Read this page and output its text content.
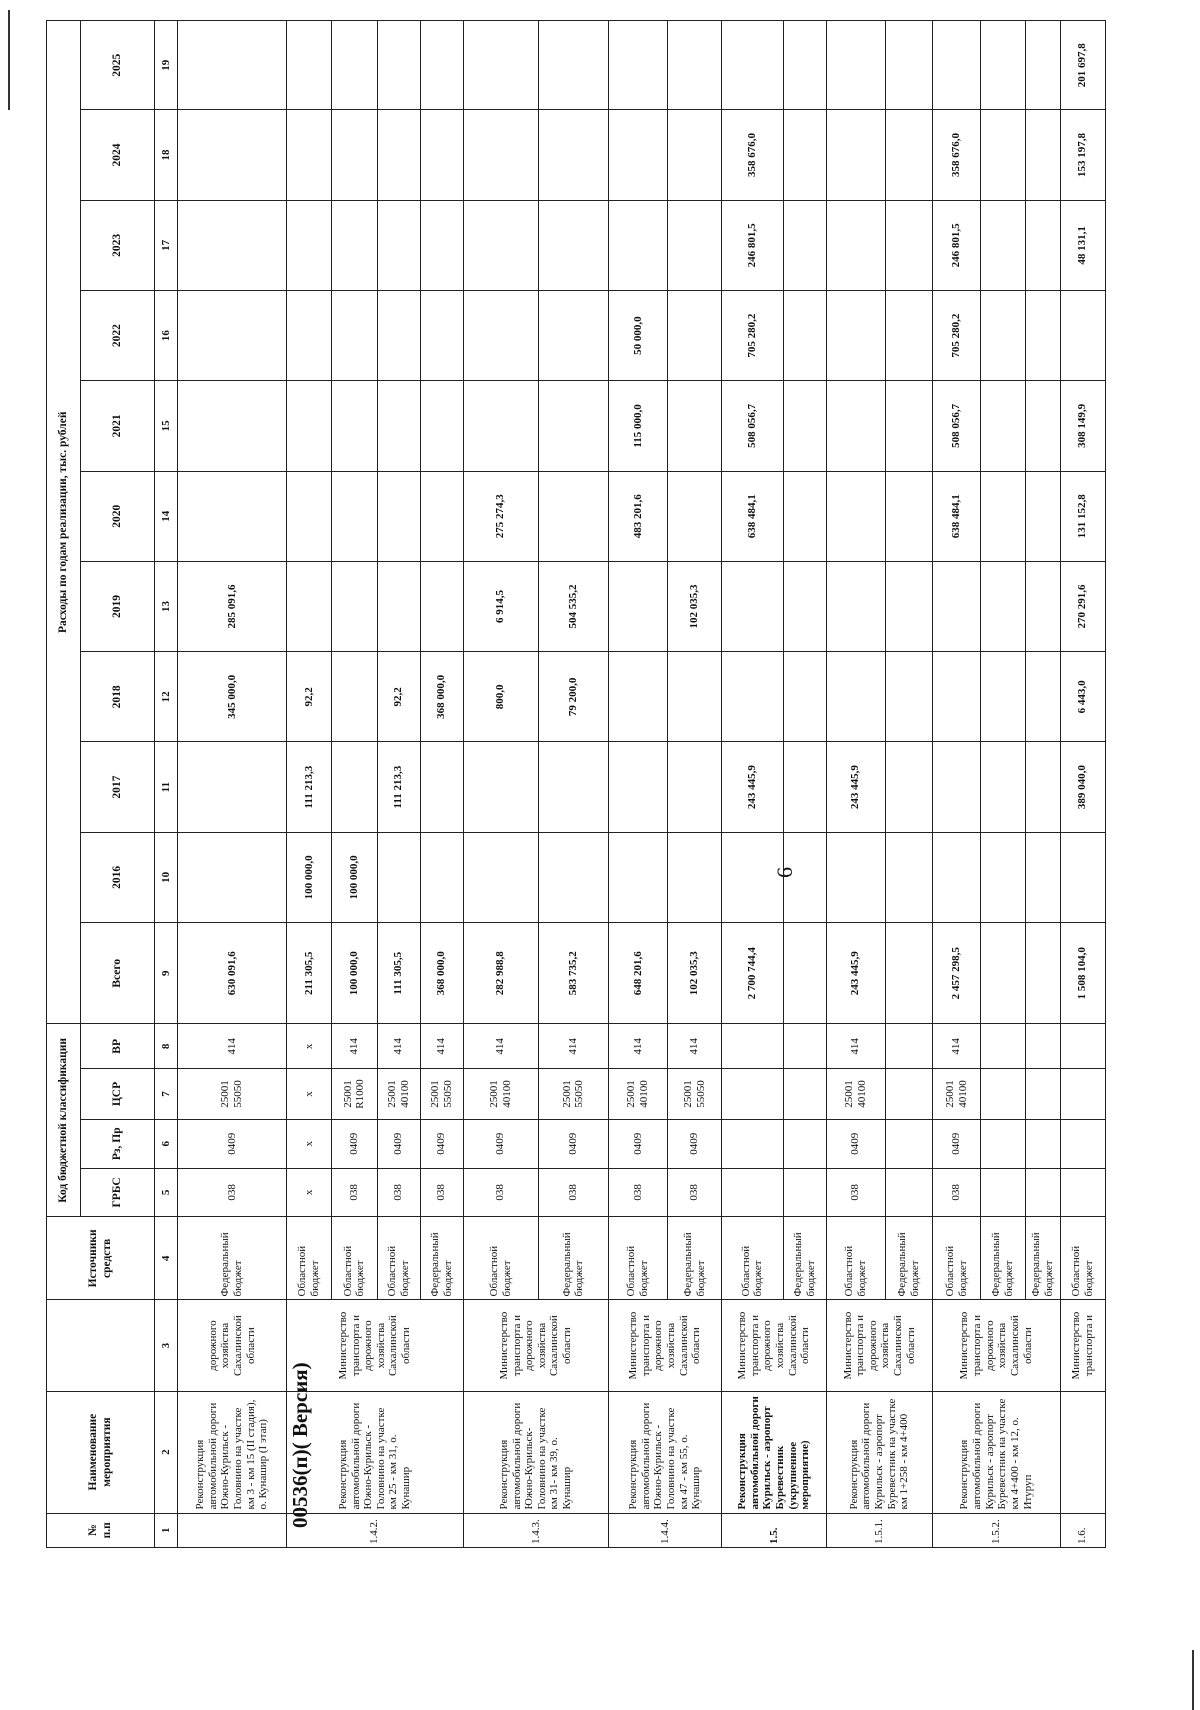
6
00536(п)( Версия)
№ п.п	Наименование мероприятия		Источники средств	Код бюджетной классификации				Расходы по годам реализации, тыс. рублей										
				ГРБС	Рз, Пр	ЦСР	ВР	Всего	2016	2017	2018	2019	2020	2021	2022	2023	2024	2025
1	2	3	4	5	6	7	8	9	10	11	12	13	14	15	16	17	18	19
	Реконструкция автомобильной дороги Южно-Курильск - Головнино на участке км 3 - км 15 (II стадия), о. Кунашир (I этап)	дорожного хозяйства Сахалинской области	Федеральный бюджет	038	0409	25001 55050	414	630 091,6			345 000,0	285 091,6						
1.4.2.	Реконструкция автомобильной дороги Южно-Курильск - Головнино на участке км 25 - км 31, о. Кунашир	Министерство транспорта и дорожного хозяйства Сахалинской области	Областной бюджет	x	x	x	x	211 305,5	100 000,0	111 213,3	92,2							
			Областной бюджет	038	0409	25001 R1000	414	100 000,0	100 000,0									
			Областной бюджет	038	0409	25001 40100	414	111 305,5		111 213,3	92,2							
			Федеральный бюджет	038	0409	25001 55050	414	368 000,0			368 000,0							
1.4.3.	Реконструкция автомобильной дороги Южно-Курильск-Головнино на участке км 31- км 39, о. Кунашир	Министерство транспорта и дорожного хозяйства Сахалинской области	Областной бюджет	038	0409	25001 40100	414	282 988,8			800,0	6 914,5	275 274,3					
			Федеральный бюджет	038	0409	25001 55050	414	583 735,2			79 200,0	504 535,2						
1.4.4.	Реконструкция автомобильной дороги Южно-Курильск - Головнино на участке км 47 - км 55, о. Кунашир	Министерство транспорта и дорожного хозяйства Сахалинской области	Областной бюджет	038	0409	25001 40100	414	648 201,6					483 201,6	115 000,0	50 000,0			
			Федеральный бюджет	038	0409	25001 55050	414	102 035,3				102 035,3						
1.5.	Реконструкция автомобильной дороги Курильск - аэропорт Буревестник (укрупненное мероприятие)	Министерство транспорта и дорожного хозяйства Сахалинской области	Областной бюджет					2 700 744,4		243 445,9			638 484,1	508 056,7	705 280,2	246 801,5	358 676,0	
			Федеральный бюджет															
1.5.1.	Реконструкция автомобильной дороги Курильск - аэропорт Буревестник на участке км 1+258 - км 4+400	Министерство транспорта и дорожного хозяйства Сахалинской области	Областной бюджет	038	0409	25001 40100	414	243 445,9		243 445,9								
			Федеральный бюджет															
1.5.2.	Реконструкция автомобильной дороги Курильск - аэропорт Буревестник на участке км 4+400 - км 12, о. Итуруп	Министерство транспорта и дорожного хозяйства Сахалинской области	Областной бюджет	038	0409	25001 40100	414	2 457 298,5					638 484,1	508 056,7	705 280,2	246 801,5	358 676,0	
			Федеральный бюджет															
			Федеральный бюджет															
1.6.		Министерство транспорта и	Областной бюджет					1 508 104,0		389 040,0	6 443,0	270 291,6	131 152,8	308 149,9		48 131,1	153 197,8	201 697,8
